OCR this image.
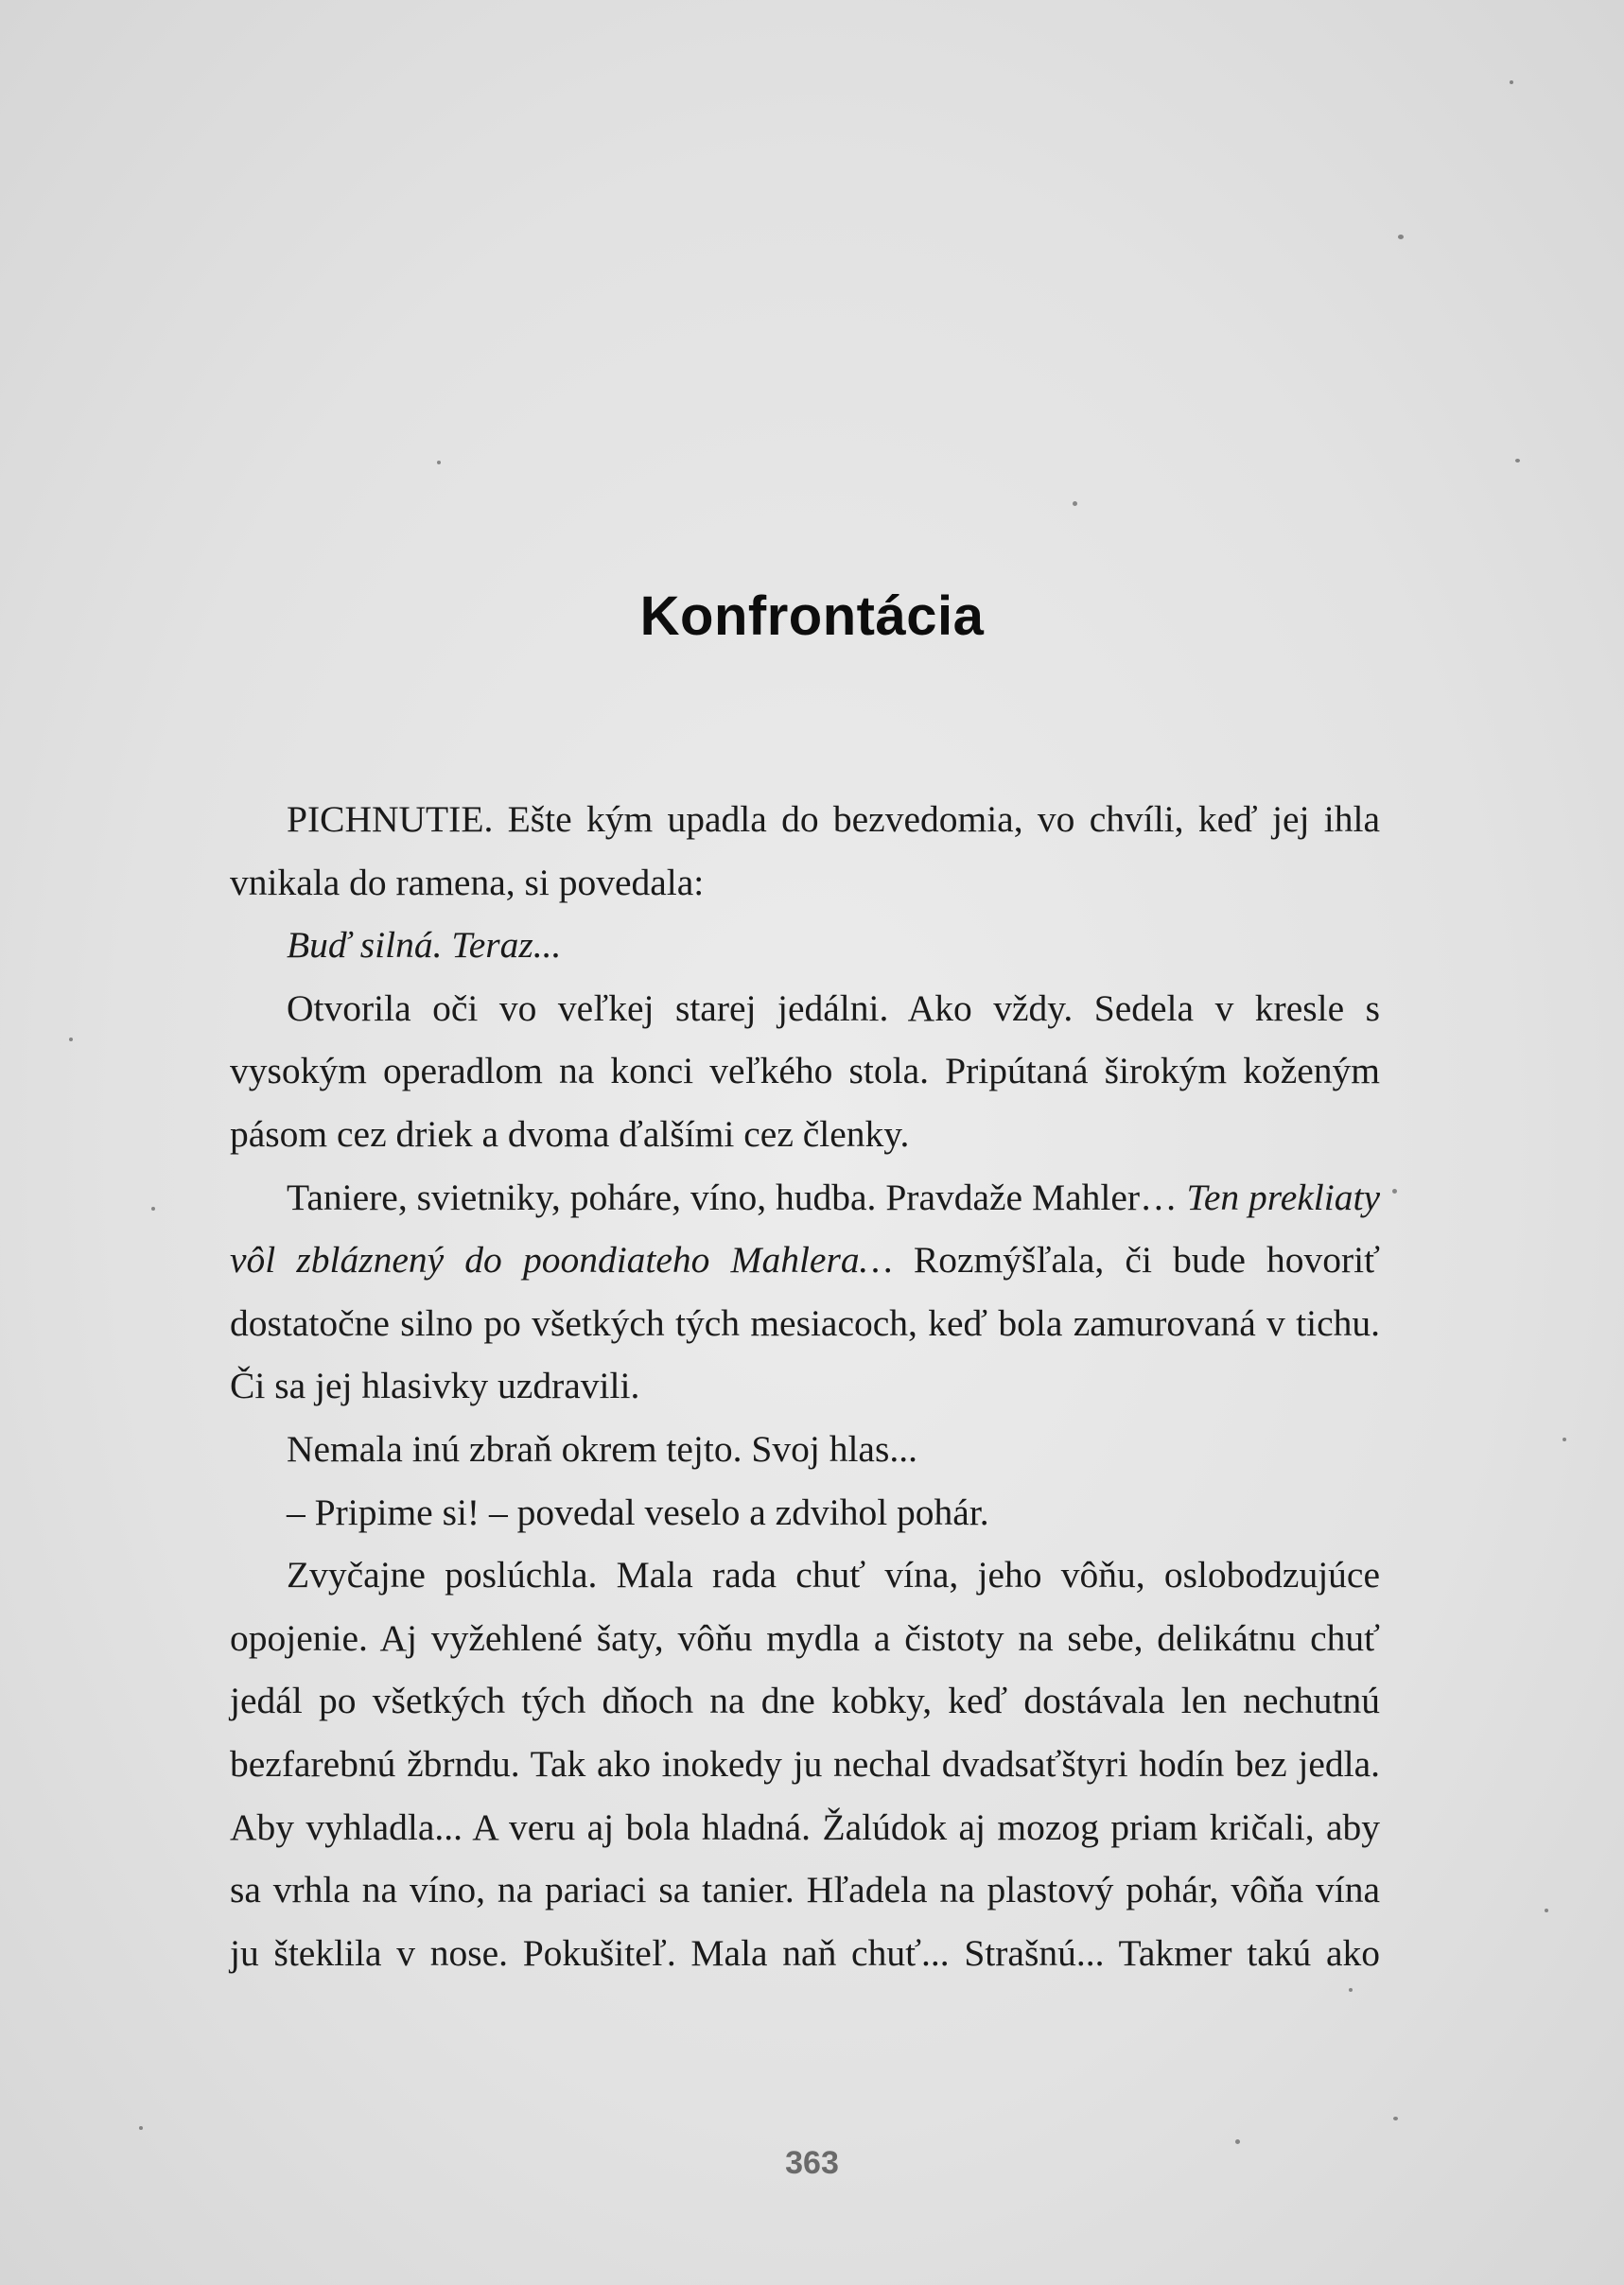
Konfrontácia

PICHNUTIE. Ešte kým upadla do bezvedomia, vo chvíli, keď jej ihla vnikala do ramena, si povedala:

Buď silná. Teraz...

Otvorila oči vo veľkej starej jedálni. Ako vždy. Sedela v kresle s vysokým operadlom na konci veľkého stola. Pripútaná širokým koženým pásom cez driek a dvoma ďalšími cez členky.

Taniere, svietniky, poháre, víno, hudba. Pravdaže Mahler… Ten prekliaty vôl zbláznený do poondiateho Mahlera… Rozmýšľala, či bude hovoriť dostatočne silno po všetkých tých mesiacoch, keď bola zamurovaná v tichu. Či sa jej hlasivky uzdravili.

Nemala inú zbraň okrem tejto. Svoj hlas...

– Pripime si! – povedal veselo a zdvihol pohár.

Zvyčajne poslúchla. Mala rada chuť vína, jeho vôňu, oslobodzujúce opojenie. Aj vyžehlené šaty, vôňu mydla a čistoty na sebe, delikátnu chuť jedál po všetkých tých dňoch na dne kobky, keď dostávala len nechutnú bezfarebnú žbrndu. Tak ako inokedy ju nechal dvadsaťštyri hodín bez jedla. Aby vyhladla... A veru aj bola hladná. Žalúdok aj mozog priam kričali, aby sa vrhla na víno, na pariaci sa tanier. Hľadela na plastový pohár, vôňa vína ju šteklila v nose. Pokušiteľ. Mala naň chuť... Strašnú... Takmer takú ako

363
